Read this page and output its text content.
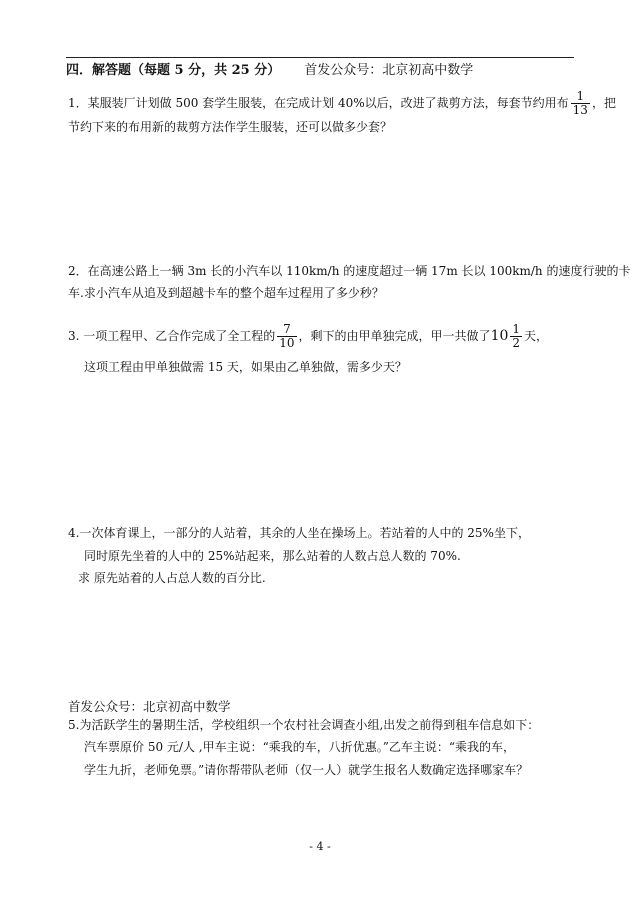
四．解答题（每题 5 分，共 25 分） 首发公众号：北京初高中数学
1．某服装厂计划做 500 套学生服装，在完成计划 40%以后，改进了裁剪方法，每套节约用布 $\frac{1}{13}$ ，把
节约下来的布用新的裁剪方法作学生服装，还可以做多少套？
2．在高速公路上一辆 3m 长的小汽车以 110km/h 的速度超过一辆 17m 长以 100km/h 的速度行驶的卡
车.求小汽车从追及到超越卡车的整个超车过程用了多少秒？
3. 一项工程甲、乙合作完成了全工程的 $\frac{7}{10}$ ，剩下的由甲单独完成，甲一共做了$10 \frac{1}{2}$ 天，
这项工程由甲单独做需 15 天，如果由乙单独做，需多少天？
4.一次体育课上，一部分的人站着，其余的人坐在操场上。若站着的人中的 25%坐下，
同时原先坐着的人中的 25%站起来，那么站着的人数占总人数的 70%.
求 原先站着的人占总人数的百分比.
首发公众号：北京初高中数学
5.为活跃学生的暑期生活，学校组织一个农村社会调查小组,出发之前得到租车信息如下：
汽车票原价 50 元/人 ,甲车主说：“乘我的车，八折优惠。”乙车主说：“乘我的车，
学生九折，老师免票。”请你帮带队老师（仅一人）就学生报名人数确定选择哪家车？
- 4 -
